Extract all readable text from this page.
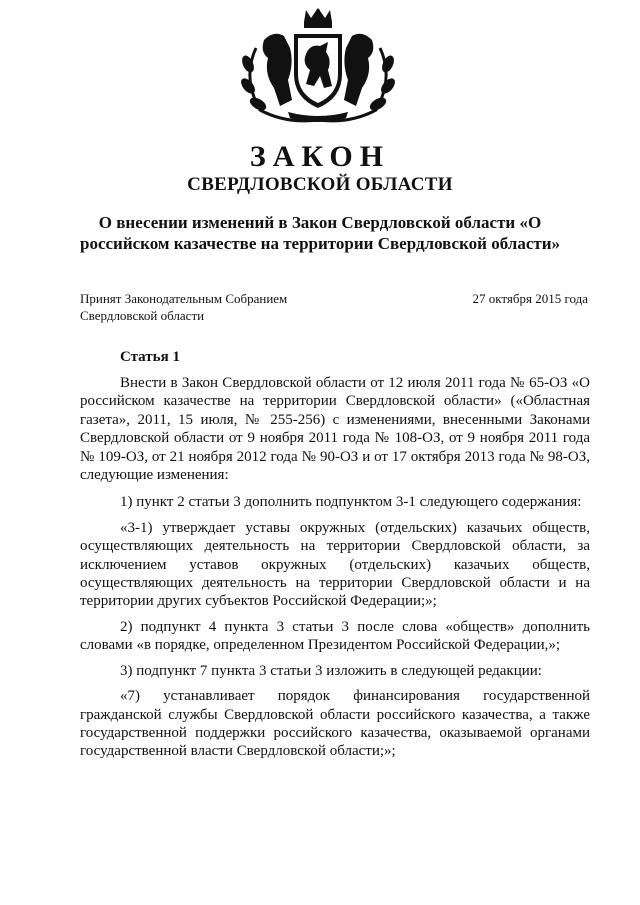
ЗАКОН
СВЕРДЛОВСКОЙ ОБЛАСТИ

О внесении изменений в Закон Свердловской области «О российском казачестве на территории Свердловской области»

Принят Законодательным Собранием
Свердловской области
27 октября 2015 года
Статья 1

Внести в Закон Свердловской области от 12 июля 2011 года № 65-ОЗ «О российском казачестве на территории Свердловской области» («Областная газета», 2011, 15 июля, № 255-256) с изменениями, внесенными Законами Свердловской области от 9 ноября 2011 года № 108-ОЗ, от 9 ноября 2011 года № 109-ОЗ, от 21 ноября 2012 года № 90-ОЗ и от 17 октября 2013 года № 98-ОЗ, следующие изменения:

1) пункт 2 статьи 3 дополнить подпунктом 3-1 следующего содержания:

«3-1) утверждает уставы окружных (отдельских) казачьих обществ, осуществляющих деятельность на территории Свердловской области, за исключением уставов окружных (отдельских) казачьих обществ, осуществляющих деятельность на территории Свердловской области и на территории других субъектов Российской Федерации;»;

2) подпункт 4 пункта 3 статьи 3 после слова «обществ» дополнить словами «в порядке, определенном Президентом Российской Федерации,»;

3) подпункт 7 пункта 3 статьи 3 изложить в следующей редакции:

«7) устанавливает порядок финансирования государственной гражданской службы Свердловской области российского казачества, а также государственной поддержки российского казачества, оказываемой органами государственной власти Свердловской области;»;
